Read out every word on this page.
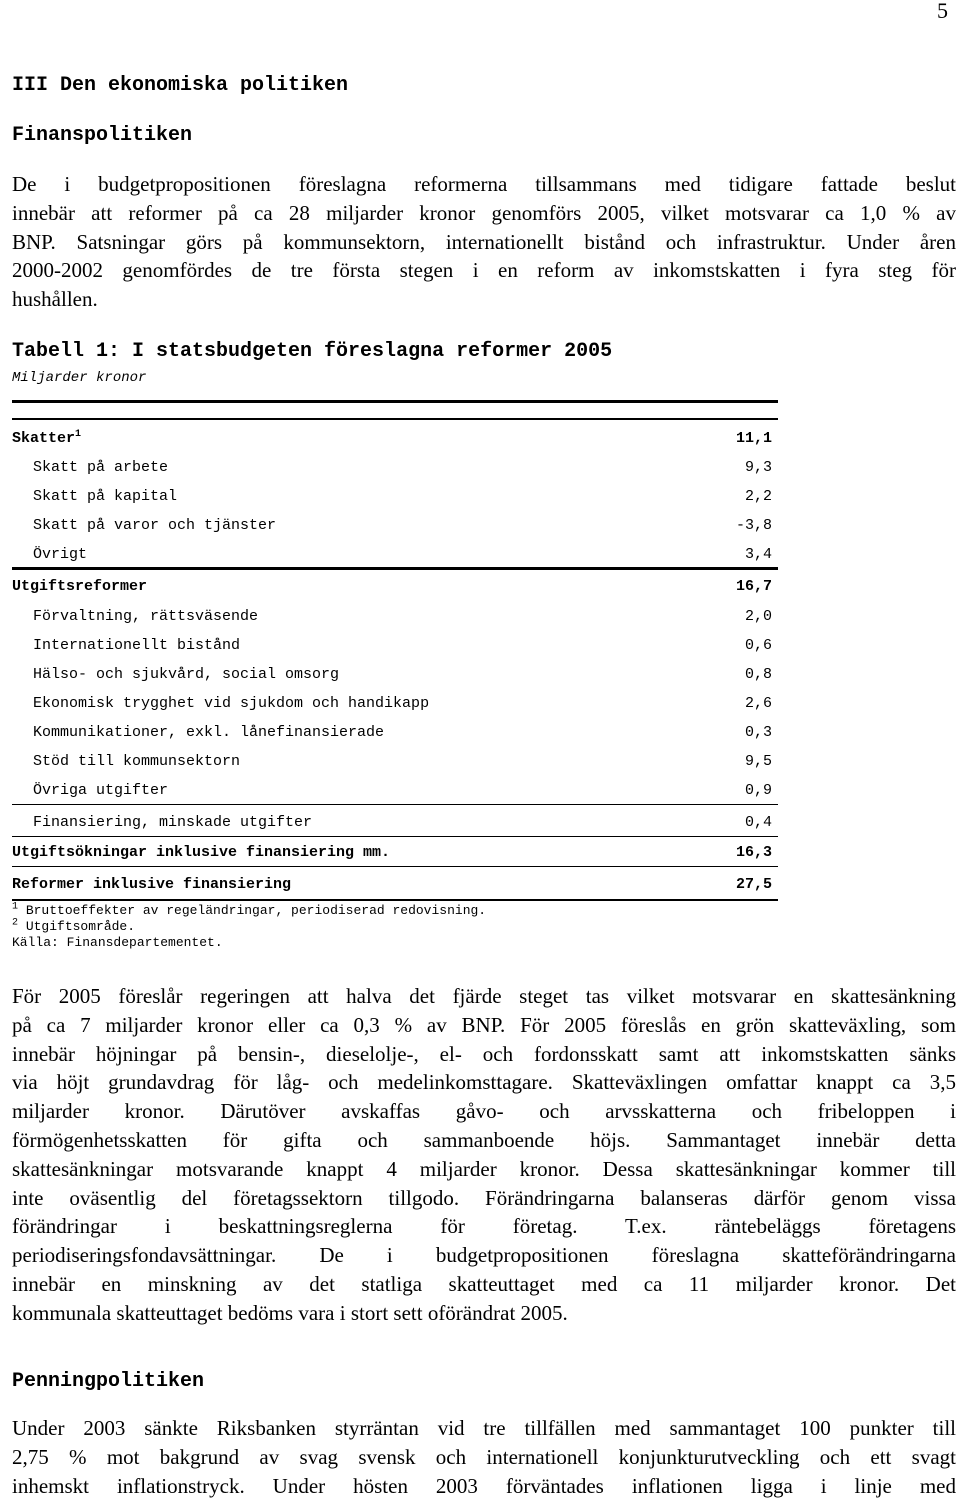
5
III Den ekonomiska politiken
Finanspolitiken
De i budgetpropositionen föreslagna reformerna tillsammans med tidigare fattade beslut
innebär att reformer på ca 28 miljarder kronor genomförs 2005, vilket motsvarar ca 1,0 % av
BNP. Satsningar görs på kommunsektorn, internationellt bistånd och infrastruktur. Under åren
2000-2002 genomfördes de tre första stegen i en reform av inkomstskatten i fyra steg för
hushållen.
Tabell 1: I statsbudgeten föreslagna reformer 2005
Miljarder kronor
Skatter$^1$	11,1
Skatt på arbete	9,3
Skatt på kapital	2,2
Skatt på varor och tjänster	-3,8
Övrigt	3,4
Utgiftsreformer	16,7
Förvaltning, rättsväsende	2,0
Internationellt bistånd	0,6
Hälso- och sjukvård, social omsorg	0,8
Ekonomisk trygghet vid sjukdom och handikapp	2,6
Kommunikationer, exkl. lånefinansierade	0,3
Stöd till kommunsektorn	9,5
Övriga utgifter	0,9
Finansiering, minskade utgifter	0,4
Utgiftsökningar inklusive finansiering mm.	16,3
Reformer inklusive finansiering	27,5
$^1$ Bruttoeffekter av regeländringar, periodiserad redovisning.
$^2$ Utgiftsområde.
Källa: Finansdepartementet.
För 2005 föreslår regeringen att halva det fjärde steget tas vilket motsvarar en skattesänkning
på ca 7 miljarder kronor eller ca 0,3 % av BNP. För 2005 föreslås en grön skatteväxling, som
innebär höjningar på bensin-, dieselolje-, el- och fordonsskatt samt att inkomstskatten sänks
via höjt grundavdrag för låg- och medelinkomsttagare. Skatteväxlingen omfattar knappt ca 3,5
miljarder kronor. Därutöver avskaffas gåvo- och arvsskatterna och fribeloppen i
förmögenhetsskatten för gifta och sammanboende höjs. Sammantaget innebär detta
skattesänkningar motsvarande knappt 4 miljarder kronor. Dessa skattesänkningar kommer till
inte oväsentlig del företagssektorn tillgodo. Förändringarna balanseras därför genom vissa
förändringar i beskattningsreglerna för företag. T.ex. räntebeläggs företagens
periodiseringsfondavsättningar. De i budgetpropositionen föreslagna skatteförändringarna
innebär en minskning av det statliga skatteuttaget med ca 11 miljarder kronor. Det
kommunala skatteuttaget bedöms vara i stort sett oförändrat 2005.
Penningpolitiken
Under 2003 sänkte Riksbanken styrräntan vid tre tillfällen med sammantaget 100 punkter till
2,75 % mot bakgrund av svag svensk och internationell konjunkturutveckling och ett svagt
inhemskt inflationstryck. Under hösten 2003 förväntades inflationen ligga i linje med
